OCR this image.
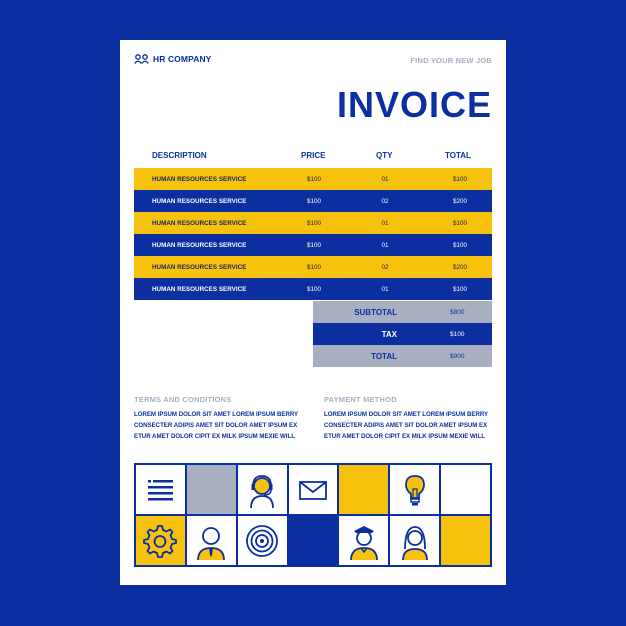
HR COMPANY	FIND YOUR NEW JOB
INVOICE
DESCRIPTION	PRICE	QTY	TOTAL
HUMAN RESOURCES SERVICE	$100	01	$100
HUMAN RESOURCES SERVICE	$100	02	$200
HUMAN RESOURCES SERVICE	$100	01	$100
HUMAN RESOURCES SERVICE	$100	01	$100
HUMAN RESOURCES SERVICE	$100	02	$200
HUMAN RESOURCES SERVICE	$100	01	$100
SUBTOTAL	$800
TAX	$100
TOTAL	$900
TERMS AND CONDITIONS

LOREM IPSUM DOLOR SIT AMET LOREM IPSUM BERRY

CONSECTER ADIPIS AMET SIT DOLOR AMET IPSUM EX

ETUR AMET DOLOR CIPIT EX MILK IPSUM MEXIE WILL

PAYMENT METHOD

LOREM IPSUM DOLOR SIT AMET LOREM IPSUM BERRY

CONSECTER ADIPIS AMET SIT DOLOR AMET IPSUM EX

ETUR AMET DOLOR CIPIT EX MILK IPSUM MEXIE WILL
